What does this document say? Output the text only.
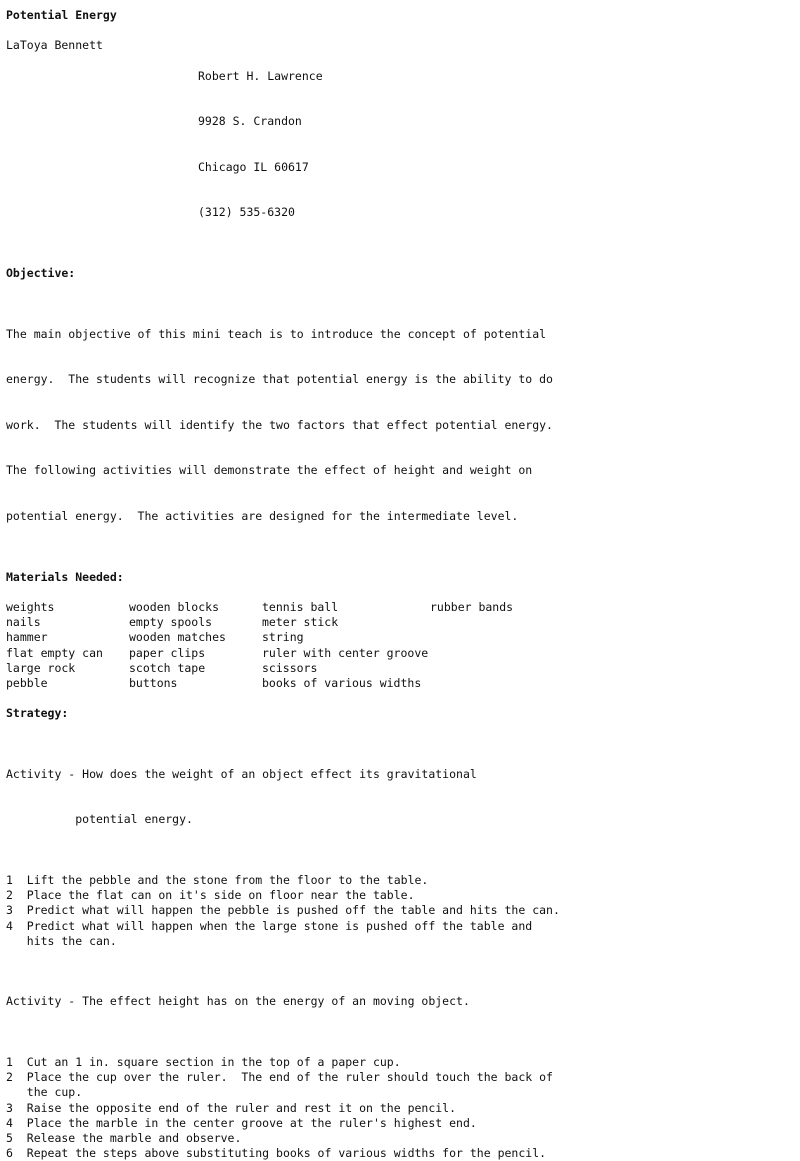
Potential Energy
LaToya Bennett

Robert H. Lawrence

9928 S. Crandon

Chicago IL 60617

(312) 535-6320

Objective:

The main objective of this mini teach is to introduce the concept of potential

energy.  The students will recognize that potential energy is the ability to do

work.  The students will identify the two factors that effect potential energy.

The following activities will demonstrate the effect of height and weight on

potential energy.  The activities are designed for the intermediate level.

Materials Needed:
weights	wooden blocks	tennis ball	rubber bands
nails	empty spools	meter stick
hammer	wooden matches	string
flat empty can	paper clips	ruler with center groove
large rock	scotch tape	scissors
pebble	buttons	books of various widths
Strategy:

Activity - How does the weight of an object effect its gravitational

potential energy.

1  Lift the pebble and the stone from the floor to the table.
2  Place the flat can on it's side on floor near the table.
3  Predict what will happen the pebble is pushed off the table and hits the can.
4  Predict what will happen when the large stone is pushed off the table and
hits the can.

Activity - The effect height has on the energy of an moving object.

1  Cut an 1 in. square section in the top of a paper cup.
2  Place the cup over the ruler.  The end of the ruler should touch the back of
the cup.
3  Raise the opposite end of the ruler and rest it on the pencil.
4  Place the marble in the center groove at the ruler's highest end.
5  Release the marble and observe.
6  Repeat the steps above substituting books of various widths for the pencil.
